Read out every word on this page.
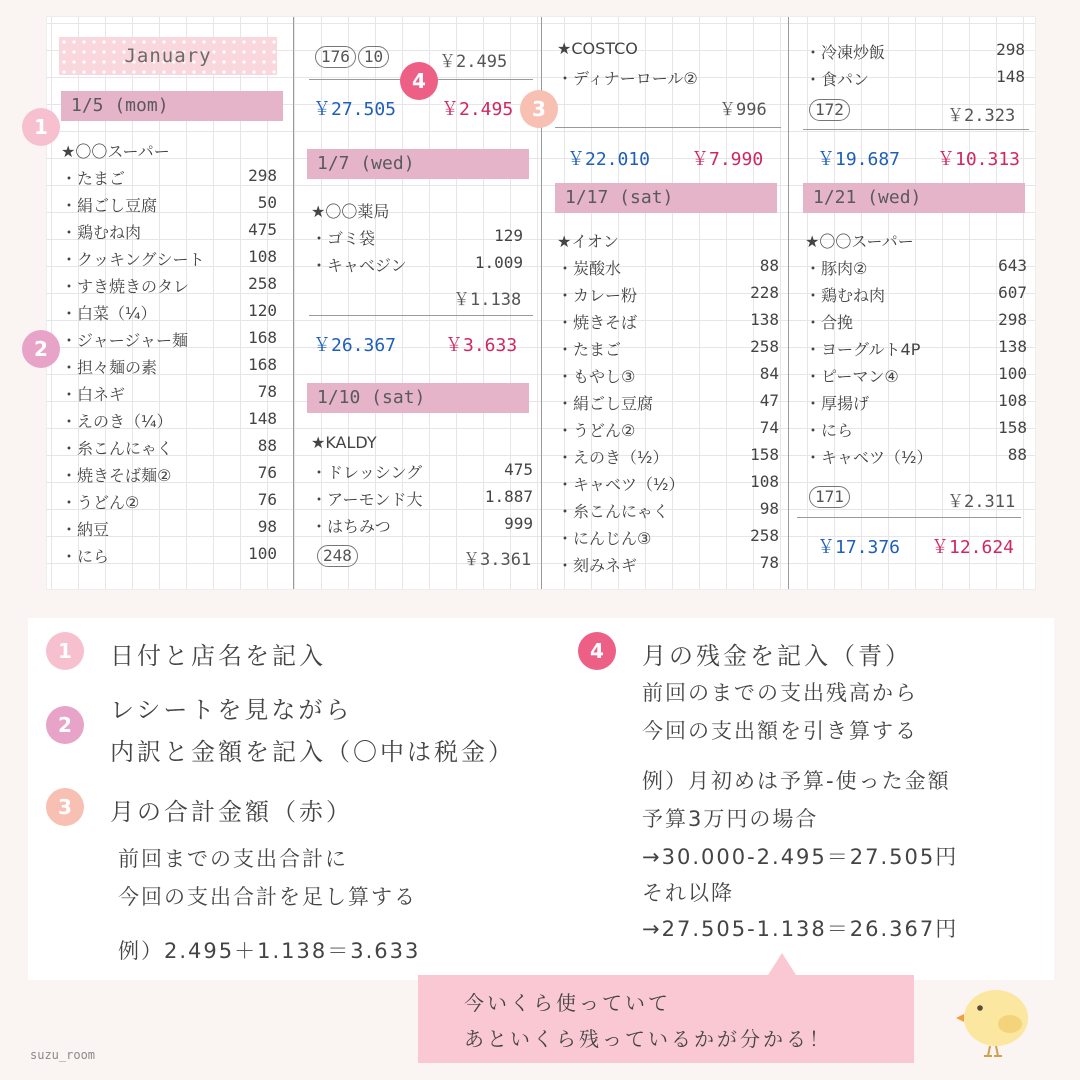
January
1/5 (mom)
★〇〇スーパー
・ たまご	298
・ 絹ごし豆腐	50
・ 鶏むね肉	475
・ クッキングシート	108
・ すき焼きのタレ	258
・ 白菜（¼）	120
・ ジャージャー麺	168
・ 担々麺の素	168
・ 白ネギ	78
・ えのき（¼）	148
・ 糸こんにゃく	88
・ 焼きそば麺②	76
・ うどん②	76
・ 納豆	98
・ にら	100
176 10	￥2.495
￥27.505 ￥2.495
1/7 (wed)
★〇〇薬局
・ ゴミ袋	129
・ キャベジン	1.009
￥1.138
￥26.367	￥3.633
1/10 (sat)
★KALDY
・ ドレッシング	475
・ アーモンド大	1.887
・ はちみつ	999
248	￥3.361
★COSTCO
・ ディナーロール②
￥996
￥22.010 ￥7.990
1/17 (sat)
★イオン
・ 炭酸水	88
・ カレー粉	228
・ 焼きそば	138
・ たまご	258
・ もやし③	84
・ 絹ごし豆腐	47
・ うどん②	74
・ えのき（½）	158
・ キャベツ（½）	108
・ 糸こんにゃく	98
・ にんじん③	258
・ 刻みネギ	78
・ 冷凍炒飯	298
・ 食パン	148
172	￥2.323
￥19.687 ￥10.313
1/21 (wed)
★〇〇スーパー
・ 豚肉②	643
・ 鶏むね肉	607
・ 合挽	298
・ ヨーグルト4P	138
・ ピーマン④	100
・ 厚揚げ	108
・ にら	158
・ キャベツ（½）	88
171	￥2.311
￥17.376 ￥12.624
1
2
3
4
1	日付と店名を記入
2
レシートを見ながら
内訳と金額を記入（〇中は税金）
3	月の合計金額（赤）
前回までの支出合計に
今回の支出合計を足し算する
例）2.495＋1.138＝3.633
4	月の残金を記入（青）
前回のまでの支出残高から
今回の支出額を引き算する
例）月初めは予算-使った金額
予算3万円の場合
→30.000-2.495＝27.505円
それ以降
→27.505-1.138＝26.367円
今いくら使っていて
あといくら残っているかが分かる！
suzu_room
